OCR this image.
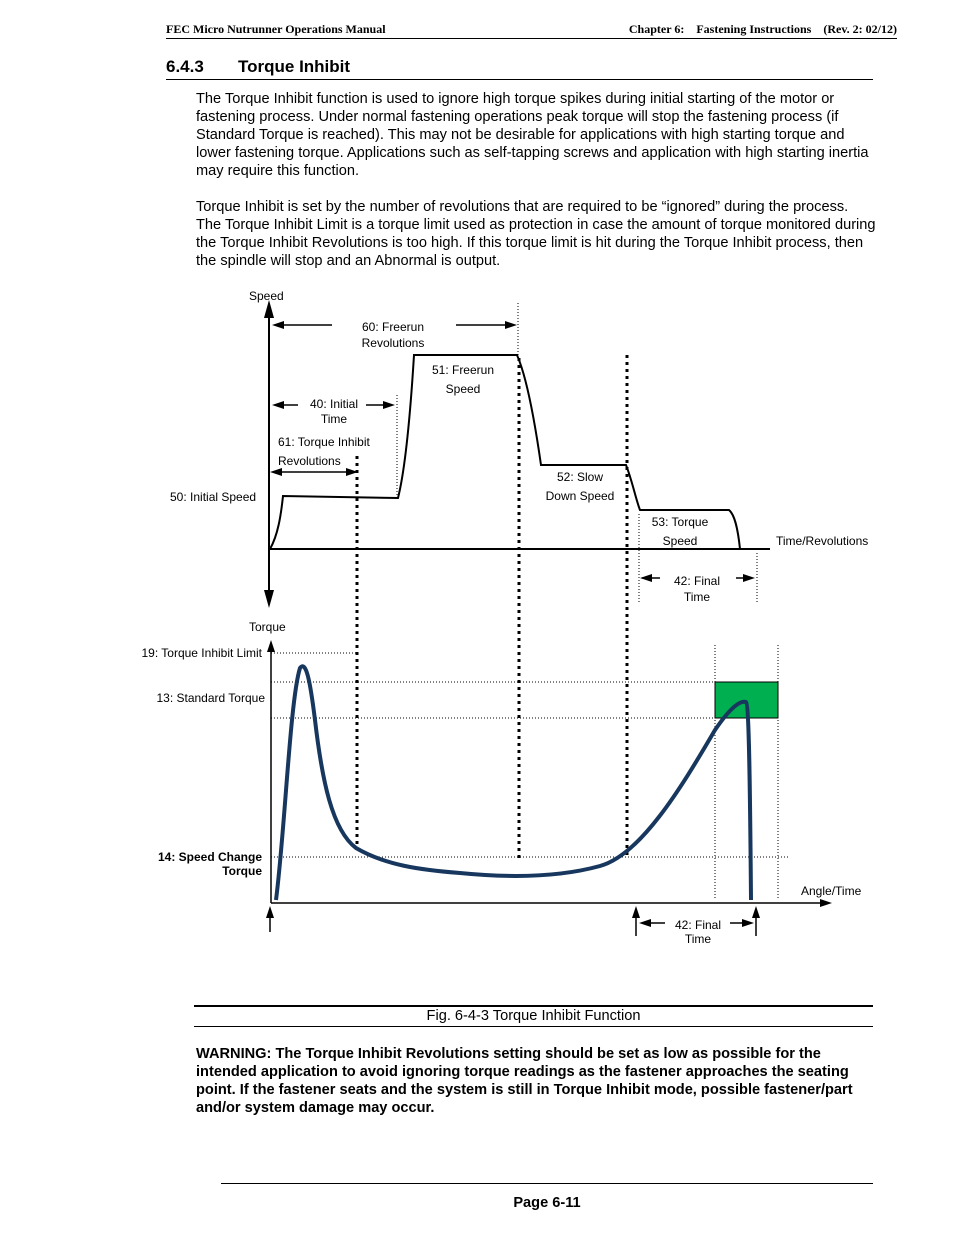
FEC Micro Nutrunner Operations Manual	Chapter 6:    Fastening Instructions    (Rev. 2: 02/12)
6.4.3 Torque Inhibit

The Torque Inhibit function is used to ignore high torque spikes during initial starting of the motor or fastening process. Under normal fastening operations peak torque will stop the fastening process (if Standard Torque is reached). This may not be desirable for applications with high starting torque and lower fastening torque. Applications such as self-tapping screws and application with high starting inertia may require this function.

Torque Inhibit is set by the number of revolutions that are required to be “ignored” during the process. The Torque Inhibit Limit is a torque limit used as protection in case the amount of torque monitored during the Torque Inhibit Revolutions is too high. If this torque limit is hit during the Torque Inhibit process, then the spindle will stop and an Abnormal is output.

Speed
Time/Revolutions
60: Freerun
Revolutions
40: Initial
Time
61: Torque Inhibit
Revolutions
50: Initial Speed
51: Freerun
Speed
52: Slow
Down Speed
53: Torque
Speed
42: Final
Time
Torque
Angle/Time
19: Torque Inhibit Limit
13: Standard Torque
14: Speed Change
Torque
42: Final
Time
Fig. 6-4-3 Torque Inhibit Function

WARNING: The Torque Inhibit Revolutions setting should be set as low as possible for the intended application to avoid ignoring torque readings as the fastener approaches the seating point. If the fastener seats and the system is still in Torque Inhibit mode, possible fastener/part and/or system damage may occur.

Page 6-11
